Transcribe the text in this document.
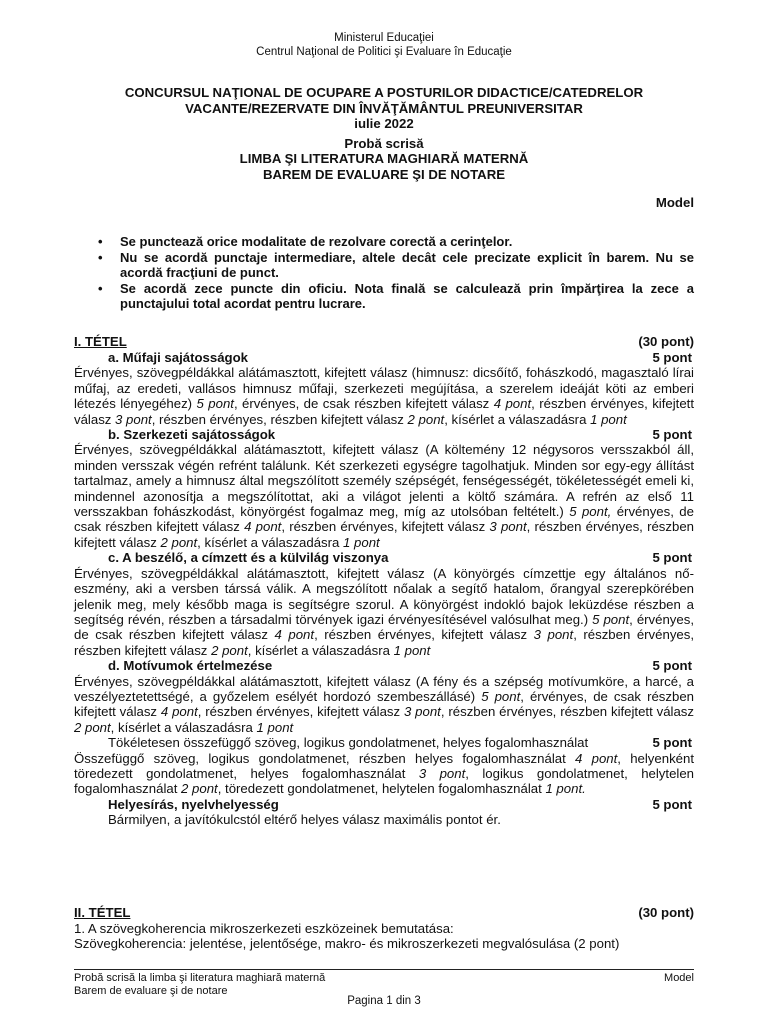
Ministerul Educaţiei
Centrul Naţional de Politici şi Evaluare în Educaţie
CONCURSUL NAŢIONAL DE OCUPARE A POSTURILOR DIDACTICE/CATEDRELOR
VACANTE/REZERVATE DIN ÎNVĂŢĂMÂNTUL PREUNIVERSITAR
iulie 2022
Probă scrisă
LIMBA ŞI LITERATURA MAGHIARĂ MATERNĂ
BAREM DE EVALUARE ŞI DE NOTARE
Model
• Se punctează orice modalitate de rezolvare corectă a cerinţelor.
• Nu se acordă punctaje intermediare, altele decât cele precizate explicit în barem. Nu se acordă fracţiuni de punct.
• Se acordă zece puncte din oficiu. Nota finală se calculează prin împărţirea la zece a punctajului total acordat pentru lucrare.
I. TÉTEL	(30 pont)
a. Műfaji sajátosságok	5 pont

Érvényes, szövegpéldákkal alátámasztott, kifejtett válasz (himnusz: dicsőítő, fohászkodó, magasztaló lírai műfaj, az eredeti, vallásos himnusz műfaji, szerkezeti megújítása, a szerelem ideáját köti az emberi létezés lényegéhez) 5 pont, érvényes, de csak részben kifejtett válasz 4 pont, részben érvényes, kifejtett válasz 3 pont, részben érvényes, részben kifejtett válasz 2 pont, kísérlet a válaszadásra 1 pont

b. Szerkezeti sajátosságok	5 pont

Érvényes, szövegpéldákkal alátámasztott, kifejtett válasz (A költemény 12 négysoros versszakból áll, minden versszak végén refrént találunk. Két szerkezeti egységre tagolhatjuk. Minden sor egy-egy állítást tartalmaz, amely a himnusz által megszólított személy szépségét, fenségességét, tökéletességét emeli ki, mindennel azonosítja a megszólítottat, aki a világot jelenti a költő számára. A refrén az első 11 versszakban fohászkodást, könyörgést fogalmaz meg, míg az utolsóban feltételt.) 5 pont, érvényes, de csak részben kifejtett válasz 4 pont, részben érvényes, kifejtett válasz 3 pont, részben érvényes, részben kifejtett válasz 2 pont, kísérlet a válaszadásra 1 pont

c. A beszélő, a címzett és a külvilág viszonya	5 pont

Érvényes, szövegpéldákkal alátámasztott, kifejtett válasz (A könyörgés címzettje egy általános nő-eszmény, aki a versben társsá válik. A megszólított nőalak a segítő hatalom, őrangyal szerepkörében jelenik meg, mely később maga is segítségre szorul. A könyörgést indokló bajok leküzdése részben a segítség révén, részben a társadalmi törvények igazi érvényesítésével valósulhat meg.) 5 pont, érvényes, de csak részben kifejtett válasz 4 pont, részben érvényes, kifejtett válasz 3 pont, részben érvényes, részben kifejtett válasz 2 pont, kísérlet a válaszadásra 1 pont

d. Motívumok értelmezése	5 pont

Érvényes, szövegpéldákkal alátámasztott, kifejtett válasz (A fény és a szépség motívumköre, a harcé, a veszélyeztetettségé, a győzelem esélyét hordozó szembeszállásé) 5 pont, érvényes, de csak részben kifejtett válasz 4 pont, részben érvényes, kifejtett válasz 3 pont, részben érvényes, részben kifejtett válasz 2 pont, kísérlet a válaszadásra 1 pont

Tökéletesen összefüggő szöveg, logikus gondolatmenet, helyes fogalomhasználat	5 pont

Összefüggő szöveg, logikus gondolatmenet, részben helyes fogalomhasználat 4 pont, helyenként töredezett gondolatmenet, helyes fogalomhasználat 3 pont, logikus gondolatmenet, helytelen fogalomhasználat 2 pont, töredezett gondolatmenet, helytelen fogalomhasználat 1 pont.

Helyesírás, nyelvhelyesség	5 pont

Bármilyen, a javítókulcstól eltérő helyes válasz maximális pontot ér.

II. TÉTEL	(30 pont)
1. A szövegkoherencia mikroszerkezeti eszközeinek bemutatása:
Szövegkoherencia: jelentése, jelentősége, makro- és mikroszerkezeti megvalósulása (2 pont)
Probă scrisă la limba şi literatura maghiară maternă
Barem de evaluare şi de notare
Model
Pagina 1 din 3
